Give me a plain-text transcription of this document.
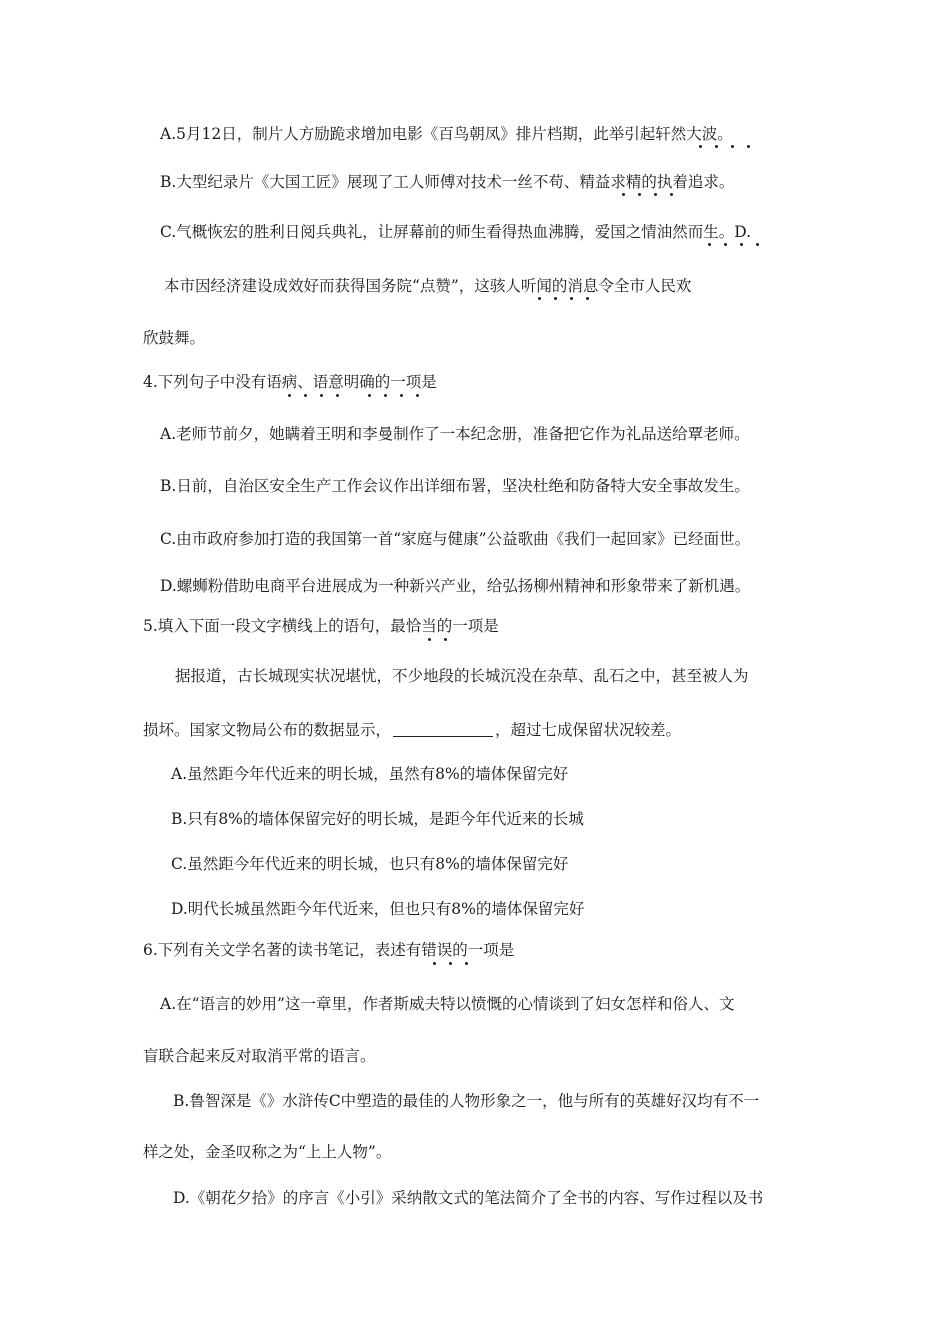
A.5月12日，制片人方励跪求增加电影《百鸟朝凤》排片档期，此举引起轩然大波。
B.大型纪录片《大国工匠》展现了工人师傅对技术一丝不苟、精益求精的执着追求。
C.气概恢宏的胜利日阅兵典礼，让屏幕前的师生看得热血沸腾，爱国之情油然而生。D.
本市因经济建设成效好而获得国务院“点赞”，这骇人听闻的消息令全市人民欢
欣鼓舞。
4.下列句子中没有语病、语意明确的一项是
A.老师节前夕，她瞒着王明和李曼制作了一本纪念册，准备把它作为礼品送给覃老师。
B.日前，自治区安全生产工作会议作出详细布署，坚决杜绝和防备特大安全事故发生。
C.由市政府参加打造的我国第一首“家庭与健康”公益歌曲《我们一起回家》已经面世。
D.螺蛳粉借助电商平台进展成为一种新兴产业，给弘扬柳州精神和形象带来了新机遇。
5.填入下面一段文字横线上的语句，最恰当的一项是
据报道，古长城现实状况堪忧，不少地段的长城沉没在杂草、乱石之中，甚至被人为
损坏。国家文物局公布的数据显示，	，超过七成保留状况较差。
A.虽然距今年代近来的明长城，虽然有8%的墙体保留完好
B.只有8%的墙体保留完好的明长城，是距今年代近来的长城
C.虽然距今年代近来的明长城，也只有8%的墙体保留完好
D.明代长城虽然距今年代近来，但也只有8%的墙体保留完好
6.下列有关文学名著的读书笔记，表述有错误的一项是
A.在“语言的妙用”这一章里，作者斯威夫特以愤慨的心情谈到了妇女怎样和俗人、文
盲联合起来反对取消平常的语言。
B.鲁智深是《》水浒传C中塑造的最佳的人物形象之一，他与所有的英雄好汉均有不一
样之处，金圣叹称之为“上上人物”。
D.《朝花夕拾》的序言《小引》采纳散文式的笔法简介了全书的内容、写作过程以及书
